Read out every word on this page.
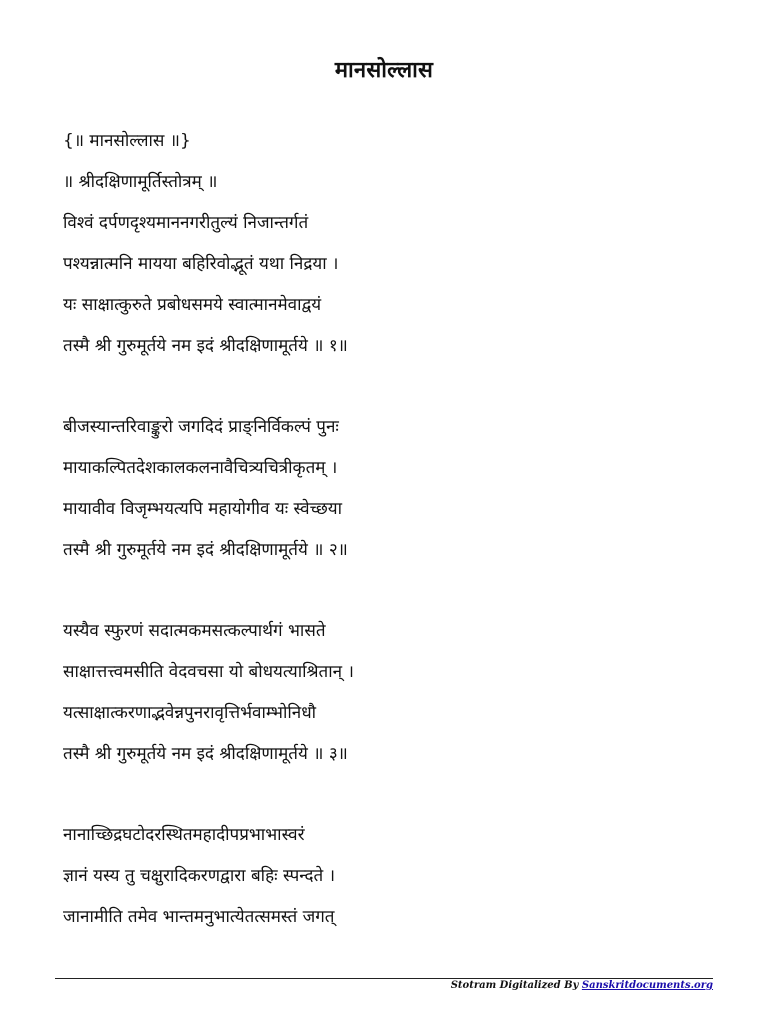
मानसोल्लास
{॥ मानसोल्लास ॥}
॥ श्रीदक्षिणामूर्तिस्तोत्रम् ॥
विश्वं दर्पणदृश्यमाननगरीतुल्यं निजान्तर्गतं
पश्यन्नात्मनि मायया बहिरिवोद्भूतं यथा निद्रया ।
यः साक्षात्कुरुते प्रबोधसमये स्वात्मानमेवाद्वयं
तस्मै श्री गुरुमूर्तये नम इदं श्रीदक्षिणामूर्तये ॥ १॥
बीजस्यान्तरिवाङ्कुरो जगदिदं प्राङ्निर्विकल्पं पुनः
मायाकल्पितदेशकालकलनावैचित्र्यचित्रीकृतम् ।
मायावीव विजृम्भयत्यपि महायोगीव यः स्वेच्छया
तस्मै श्री गुरुमूर्तये नम इदं श्रीदक्षिणामूर्तये ॥ २॥
यस्यैव स्फुरणं सदात्मकमसत्कल्पार्थगं भासते
साक्षात्तत्त्वमसीति वेदवचसा यो बोधयत्याश्रितान् ।
यत्साक्षात्करणाद्भवेन्नपुनरावृत्तिर्भवाम्भोनिधौ
तस्मै श्री गुरुमूर्तये नम इदं श्रीदक्षिणामूर्तये ॥ ३॥
नानाच्छिद्रघटोदरस्थितमहादीपप्रभाभास्वरं
ज्ञानं यस्य तु चक्षुरादिकरणद्वारा बहिः स्पन्दते ।
जानामीति तमेव भान्तमनुभात्येतत्समस्तं जगत्
Stotram Digitalized By Sanskritdocuments.org
